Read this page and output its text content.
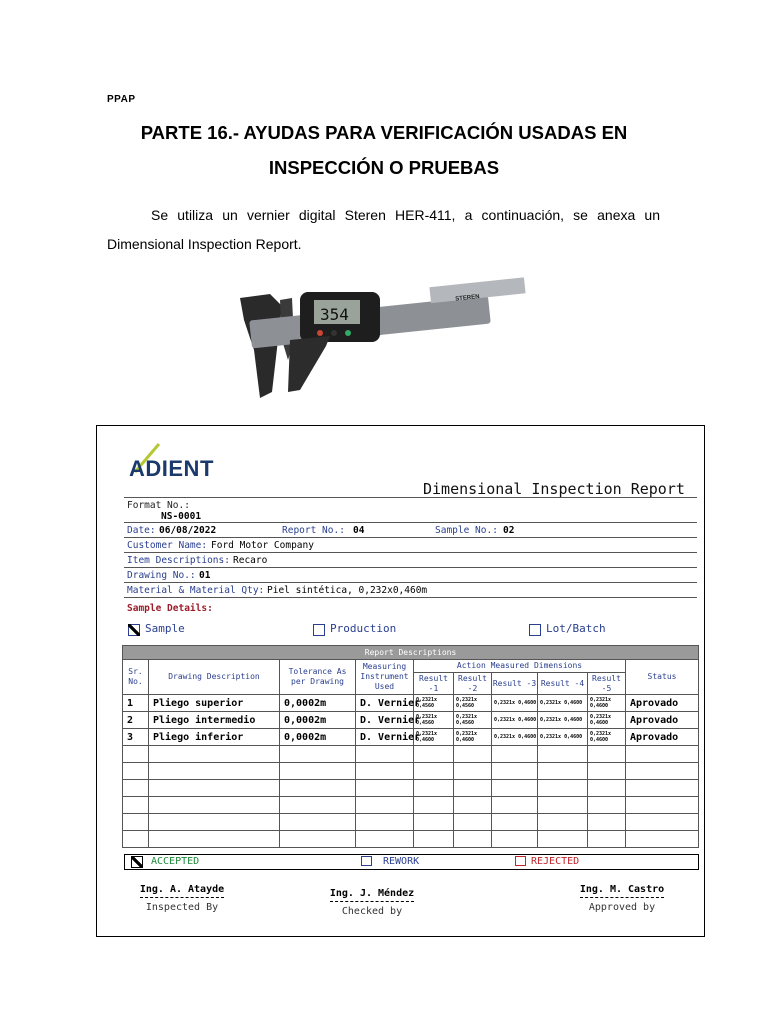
PPAP
PARTE 16.- AYUDAS PARA VERIFICACIÓN USADAS EN
INSPECCIÓN O PRUEBAS
Se utiliza un vernier digital Steren HER-411, a continuación, se anexa un Dimensional Inspection Report.
STEREN
354
ADIENT
Dimensional Inspection Report
Format No.:
NS-0001
Date: 06/08/2022	Report No.: 04	Sample No.: 02
Customer Name: Ford Motor Company
Item Descriptions: Recaro
Drawing No.: 01
Material & Material Qty: Piel sintética, 0,232x0,460m
Sample Details:
Sample	Production	Lot/Batch
Report Descriptions									
Sr. No.	Drawing Description	Tolerance As per Drawing	Measuring Instrument Used	Action Measured Dimensions					Status
				Result -1	Result -2	Result -3	Result -4	Result -5	
1	Pliego superior	0,0002m	D. Vernier	0,2321x 0,4560	0,2321x 0,4560	0,2321x 0,4600	0,2321x 0,4600	0,2321x 0,4600	Aprovado
2	Pliego intermedio	0,0002m	D. Vernier	0,2321x 0,4560	0,2321x 0,4560	0,2321x 0,4600	0,2321x 0,4600	0,2321x 0,4600	Aprovado
3	Pliego inferior	0,0002m	D. Vernier	0,2321x 0,4600	0,2321x 0,4600	0,2321x 0,4600	0,2321x 0,4600	0,2321x 0,4600	Aprovado

ACCEPTED	REWORK	REJECTED
Ing. A. Atayde
Inspected By
Ing. J. Méndez
Checked by
Ing. M. Castro
Approved by
